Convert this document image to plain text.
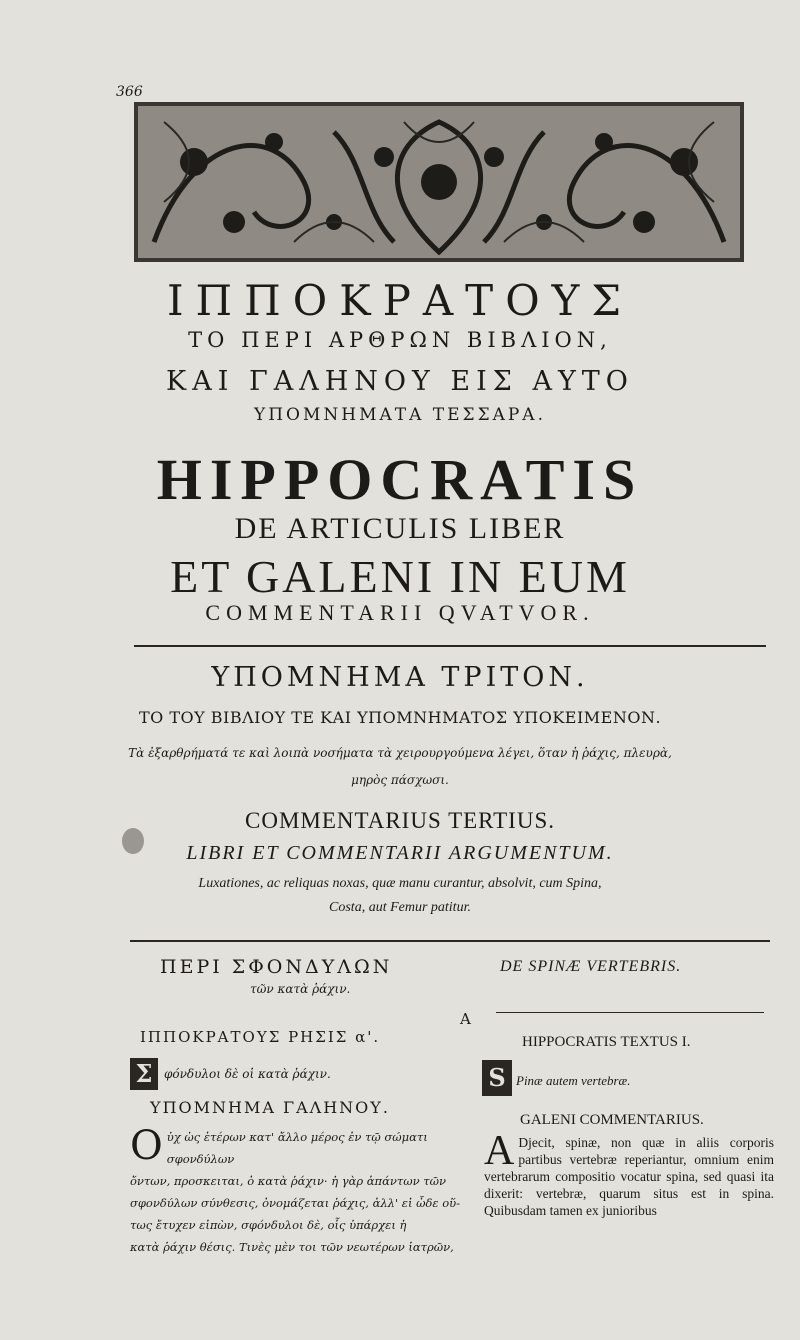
366
ΙΠΠΟΚΡΑΤΟΥΣ
ΤΟ ΠΕΡΙ ΑΡΘΡΩΝ ΒΙΒΛΙΟΝ,
ΚΑΙ ΓΑΛΗΝΟΥ ΕΙΣ ΑΥΤΟ
ΥΠΟΜΝΗΜΑΤΑ ΤΕΣΣΑΡΑ.
HIPPOCRATIS
DE ARTICULIS LIBER
ET GALENI IN EUM
COMMENTARII QVATVOR.
ΥΠΟΜΝΗΜΑ ΤΡΙΤΟΝ.
ΤΟ ΤΟΥ ΒΙΒΛΙΟΥ ΤΕ ΚΑΙ ΥΠΟΜΝΗΜΑΤΟΣ ΥΠΟΚΕΙΜΕΝΟΝ.
Τὰ ἐξαρθρήματά τε καὶ λοιπὰ νοσήματα τὰ χειρουργούμενα λέγει, ὅταν ἡ ῥάχις, πλευρὰ,
μηρὸς πάσχωσι.
COMMENTARIUS TERTIUS.
LIBRI ET COMMENTARII ARGUMENTUM.
Luxationes, ac reliquas noxas, quæ manu curantur, absolvit, cum Spina,
Costa, aut Femur patitur.
ΠΕΡΙ ΣΦΟΝΔΥΛΩΝ
τῶν κατὰ ῥάχιν.
DE SPINÆ VERTEBRIS.
A
ΙΠΠΟΚΡΑΤΟΥΣ ΡΗΣΙΣ α'.	HIPPOCRATIS TEXTUS I.
Σ φόνδυλοι δὲ οἱ κατὰ ῥάχιν.	S Pinæ autem vertebræ.
ΥΠΟΜΝΗΜΑ ΓΑΛΗΝΟΥ.
GALENI COMMENTARIUS.
Ο ὐχ ὡς ἑτέρων κατ' ἄλλο μέρος ἐν τῷ σώματι σφονδύλων

ὄντων, προσκειται, ὁ κατὰ ῥάχιν· ἡ γὰρ ἁπάντων τῶν

σφονδύλων σύνθεσις, ὀνομάζεται ῥάχις, ἀλλ' εἰ ὧδε οὕ-

τως ἔτυχεν εἰπὼν, σφόνδυλοι δὲ, οἷς ὑπάρχει ἡ

κατὰ ῥάχιν θέσις. Τινὲς μὲν τοι τῶν νεωτέρων ἰατρῶν,

A Djecit, spinæ, non quæ in aliis corporis partibus vertebræ reperiantur, omnium enim vertebrarum compositio vocatur spina, sed quasi ita dixerit: vertebræ, quarum situs est in spina. Quibusdam tamen ex junioribus
